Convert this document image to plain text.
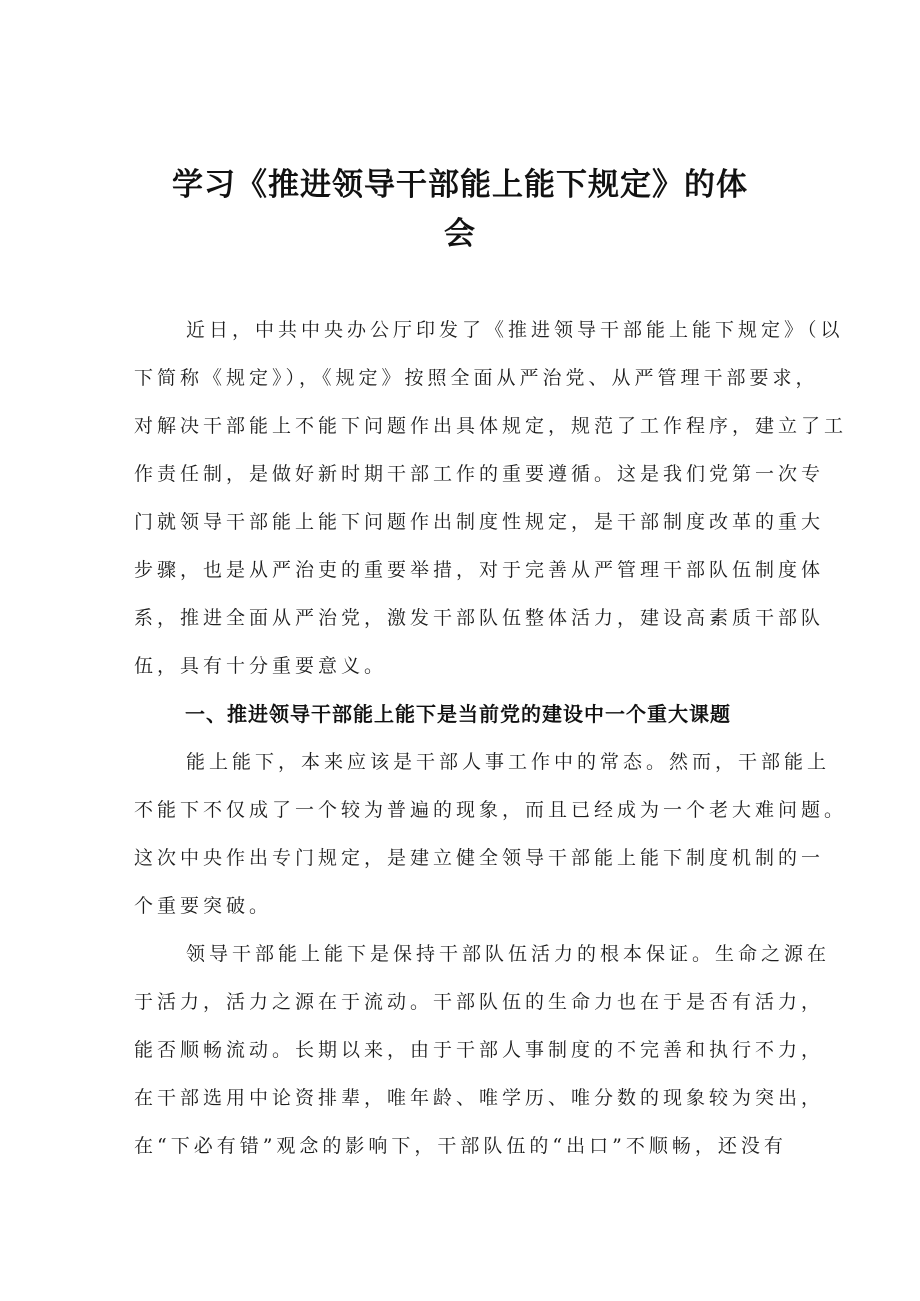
学习《推进领导干部能上能下规定》的体
会
近日，中共中央办公厅印发了《推进领导干部能上能下规定》（以
下简称《规定》），《规定》按照全面从严治党、从严管理干部要求，
对解决干部能上不能下问题作出具体规定，规范了工作程序，建立了工
作责任制，是做好新时期干部工作的重要遵循。这是我们党第一次专
门就领导干部能上能下问题作出制度性规定，是干部制度改革的重大
步骤，也是从严治吏的重要举措，对于完善从严管理干部队伍制度体
系，推进全面从严治党，激发干部队伍整体活力，建设高素质干部队
伍，具有十分重要意义。
一、推进领导干部能上能下是当前党的建设中一个重大课题
能上能下，本来应该是干部人事工作中的常态。然而，干部能上
不能下不仅成了一个较为普遍的现象，而且已经成为一个老大难问题。
这次中央作出专门规定，是建立健全领导干部能上能下制度机制的一
个重要突破。
领导干部能上能下是保持干部队伍活力的根本保证。生命之源在
于活力，活力之源在于流动。干部队伍的生命力也在于是否有活力，
能否顺畅流动。长期以来，由于干部人事制度的不完善和执行不力，
在干部选用中论资排辈，唯年龄、唯学历、唯分数的现象较为突出，
在“下必有错”观念的影响下，干部队伍的“出口”不顺畅，还没有
